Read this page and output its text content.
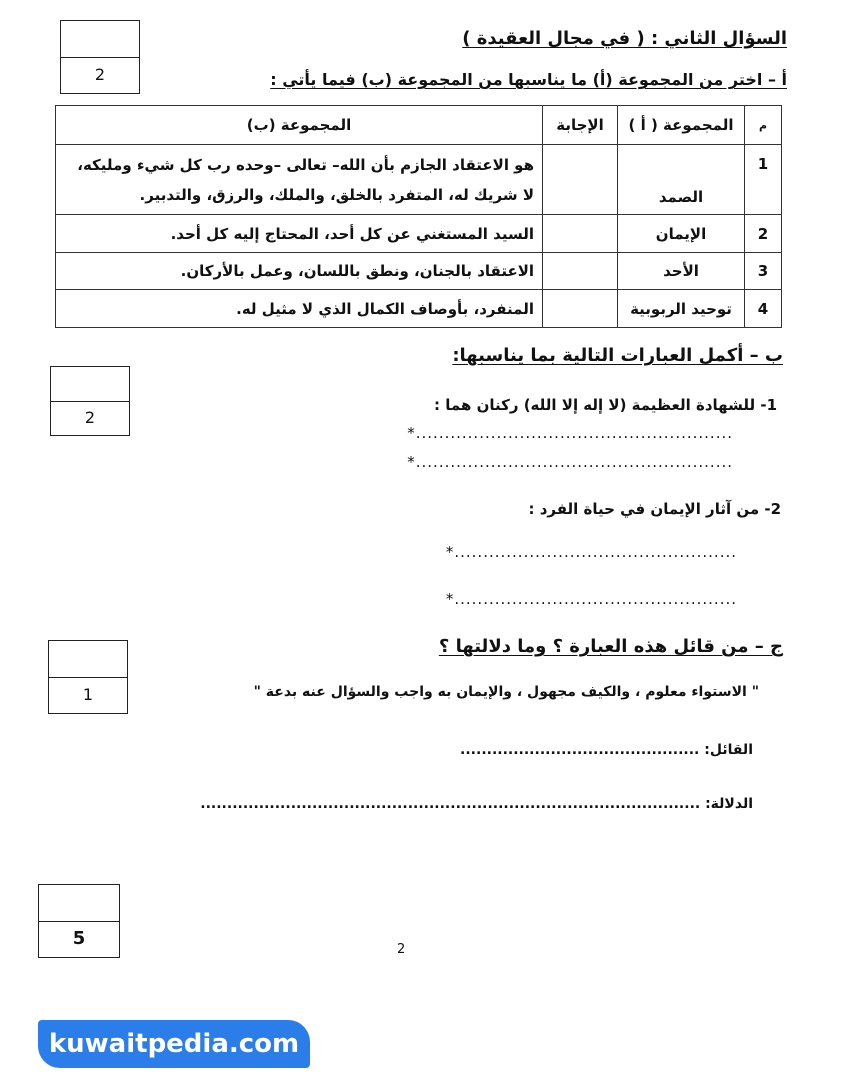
السؤال الثاني : ( في مجال العقيدة )
2	أ – اختر من المجموعة (أ) ما يناسبها من المجموعة (ب) فيما يأتي :
م	المجموعة ( أ )	الإجابة	المجموعة (ب)
1	الصمد		هو الاعتقاد الجازم بأن الله– تعالى –وحده رب كل شيء ومليكه، لا شريك له، المتفرد بالخلق، والملك، والرزق، والتدبير.
2	الإيمان		السيد المستغني عن كل أحد، المحتاج إليه كل أحد.
3	الأحد		الاعتقاد بالجنان، ونطق باللسان، وعمل بالأركان.
4	توحيد الربوبية		المنفرد، بأوصاف الكمال الذي لا مثيل له.
ب – أكمل العبارات التالية بما يناسبها:
2
1- للشهادة العظيمة (لا إله إلا الله) ركنان هما :
*.......................................................
*.......................................................
2- من آثار الإيمان في حياة الفرد :
*.................................................
*.................................................
ج – من قائل هذه العبارة ؟ وما دلالتها ؟
1	" الاستواء معلوم ، والكيف مجهول ، والإيمان به واجب والسؤال عنه بدعة "
القائل: .............................................
الدلالة: ..............................................................................................
5
2
kuwaitpedia.com
